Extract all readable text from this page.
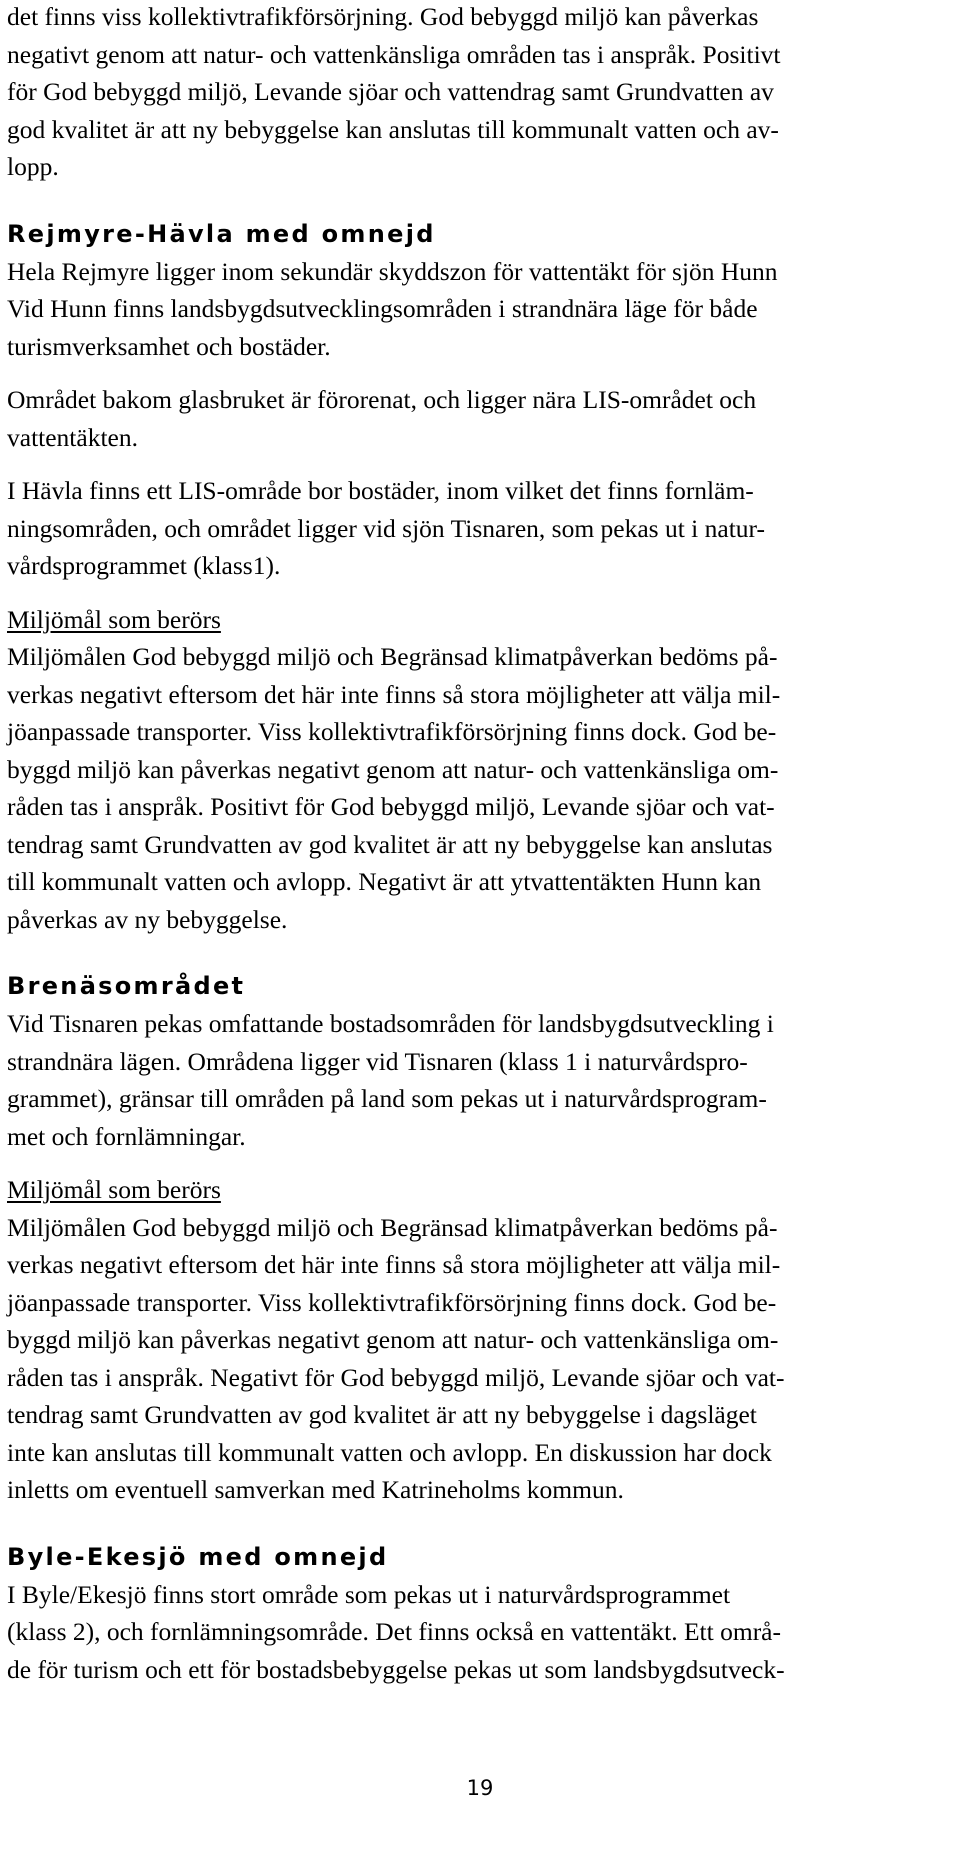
det finns viss kollektivtrafikförsörjning. God bebyggd miljö kan påverkas
negativt genom att natur- och vattenkänsliga områden tas i anspråk. Positivt
för God bebyggd miljö, Levande sjöar och vattendrag samt Grundvatten av
god kvalitet är att ny bebyggelse kan anslutas till kommunalt vatten och av-
lopp.
Rejmyre-Hävla med omnejd
Hela Rejmyre ligger inom sekundär skyddszon för vattentäkt för sjön Hunn
Vid Hunn finns landsbygdsutvecklingsområden i strandnära läge för både
turismverksamhet och bostäder.
Området bakom glasbruket är förorenat, och ligger nära LIS-området och
vattentäkten.
I Hävla finns ett LIS-område bor bostäder, inom vilket det finns fornläm-
ningsområden, och området ligger vid sjön Tisnaren, som pekas ut i natur-
vårdsprogrammet (klass1).
Miljömål som berörs
Miljömålen God bebyggd miljö och Begränsad klimatpåverkan bedöms på-
verkas negativt eftersom det här inte finns så stora möjligheter att välja mil-
jöanpassade transporter. Viss kollektivtrafikförsörjning finns dock. God be-
byggd miljö kan påverkas negativt genom att natur- och vattenkänsliga om-
råden tas i anspråk. Positivt för God bebyggd miljö, Levande sjöar och vat-
tendrag samt Grundvatten av god kvalitet är att ny bebyggelse kan anslutas
till kommunalt vatten och avlopp. Negativt är att ytvattentäkten Hunn kan
påverkas av ny bebyggelse.
Brenäsområdet
Vid Tisnaren pekas omfattande bostadsområden för landsbygdsutveckling i
strandnära lägen. Områdena ligger vid Tisnaren (klass 1 i naturvårdspro-
grammet), gränsar till områden på land som pekas ut i naturvårdsprogram-
met och fornlämningar.
Miljömål som berörs
Miljömålen God bebyggd miljö och Begränsad klimatpåverkan bedöms på-
verkas negativt eftersom det här inte finns så stora möjligheter att välja mil-
jöanpassade transporter. Viss kollektivtrafikförsörjning finns dock. God be-
byggd miljö kan påverkas negativt genom att natur- och vattenkänsliga om-
råden tas i anspråk. Negativt för God bebyggd miljö, Levande sjöar och vat-
tendrag samt Grundvatten av god kvalitet är att ny bebyggelse i dagsläget
inte kan anslutas till kommunalt vatten och avlopp. En diskussion har dock
inletts om eventuell samverkan med Katrineholms kommun.
Byle-Ekesjö med omnejd
I Byle/Ekesjö finns stort område som pekas ut i naturvårdsprogrammet
(klass 2), och fornlämningsområde. Det finns också en vattentäkt. Ett områ-
de för turism och ett för bostadsbebyggelse pekas ut som landsbygdsutveck-
19
